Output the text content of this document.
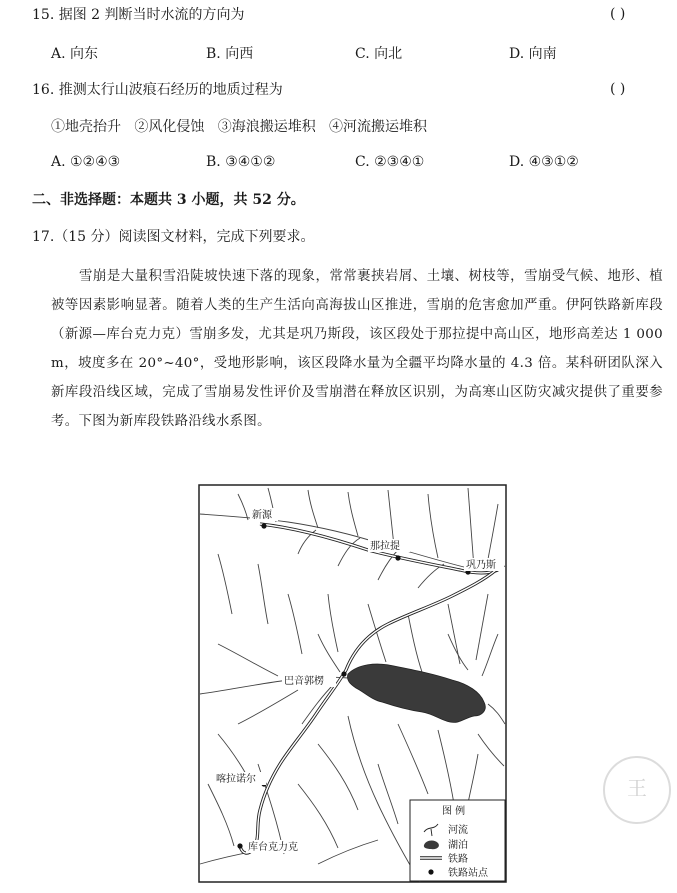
15. 据图 2 判断当时水流的方向为	( )
A. 向东	B. 向西	C. 向北	D. 向南
16. 推测太行山波痕石经历的地质过程为	( )
①地壳抬升   ②风化侵蚀   ③海浪搬运堆积   ④河流搬运堆积
A. ①②④③	B. ③④①②	C. ②③④①	D. ④③①②
二、非选择题：本题共 3 小题，共 52 分。
17.（15 分）阅读图文材料，完成下列要求。
雪崩是大量积雪沿陡坡快速下落的现象，常常裹挟岩屑、土壤、树枝等，雪崩受气候、地形、植被等因素影响显著。随着人类的生产生活向高海拔山区推进，雪崩的危害愈加严重。伊阿铁路新库段（新源—库台克力克）雪崩多发，尤其是巩乃斯段，该区段处于那拉提中高山区，地形高差达 1 000 m，坡度多在 20°~40°，受地形影响，该区段降水量为全疆平均降水量的 4.3 倍。某科研团队深入新库段沿线区域，完成了雪崩易发性评价及雪崩潜在释放区识别，为高寒山区防灾减灾提供了重要参考。下图为新库段铁路沿线水系图。
新源
那拉提
巩乃斯
巴音郭楞
喀拉诺尔
库台克力克
图 例
河流
湖泊
铁路
铁路站点
王
